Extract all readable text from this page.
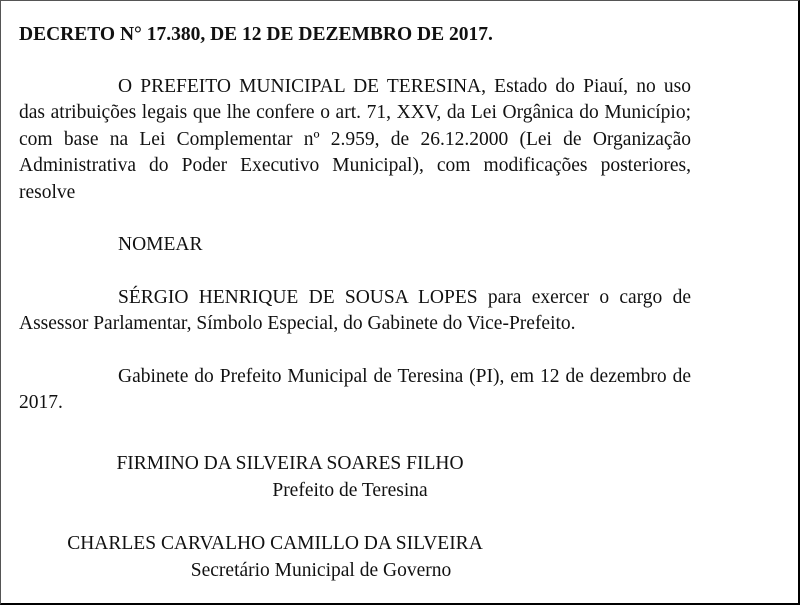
DECRETO N° 17.380, DE 12 DE DEZEMBRO DE 2017.

O PREFEITO MUNICIPAL DE TERESINA, Estado do Piauí, no uso das atribuições legais que lhe confere o art. 71, XXV, da Lei Orgânica do Município; com base na Lei Complementar nº 2.959, de 26.12.2000 (Lei de Organização Administrativa do Poder Executivo Municipal), com modificações posteriores, resolve

NOMEAR

SÉRGIO HENRIQUE DE SOUSA LOPES para exercer o cargo de Assessor Parlamentar, Símbolo Especial, do Gabinete do Vice-Prefeito.

Gabinete do Prefeito Municipal de Teresina (PI), em 12 de dezembro de 2017.

FIRMINO DA SILVEIRA SOARES FILHO
Prefeito de Teresina
CHARLES CARVALHO CAMILLO DA SILVEIRA
Secretário Municipal de Governo
